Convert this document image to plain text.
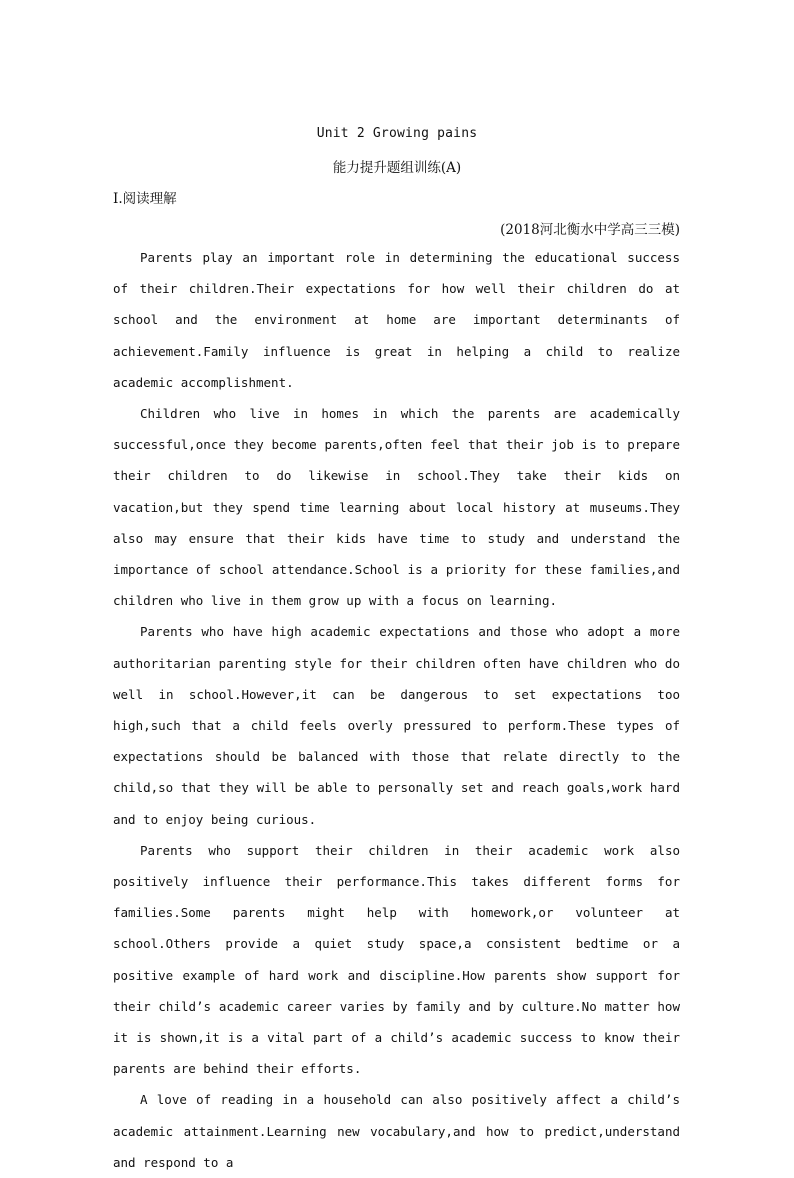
Unit 2 Growing pains
能力提升题组训练(A)
Ⅰ.阅读理解
(2018河北衡水中学高三三模)

Parents play an important role in determining the educational success of their children.Their expectations for how well their children do at school and the environment at home are important determinants of achievement.Family influence is great in helping a child to realize academic accomplishment.

Children who live in homes in which the parents are academically successful,once they become parents,often feel that their job is to prepare their children to do likewise in school.They take their kids on vacation,but they spend time learning about local history at museums.They also may ensure that their kids have time to study and understand the importance of school attendance.School is a priority for these families,and children who live in them grow up with a focus on learning.

Parents who have high academic expectations and those who adopt a more authoritarian parenting style for their children often have children who do well in school.However,it can be dangerous to set expectations too high,such that a child feels overly pressured to perform.These types of expectations should be balanced with those that relate directly to the child,so that they will be able to personally set and reach goals,work hard and to enjoy being curious.

Parents who support their children in their academic work also positively influence their performance.This takes different forms for families.Some parents might help with homework,or volunteer at school.Others provide a quiet study space,a consistent bedtime or a positive example of hard work and discipline.How parents show support for their child’s academic career varies by family and by culture.No matter how it is shown,it is a vital part of a child’s academic success to know their parents are behind their efforts.

A love of reading in a household can also positively affect a child’s academic attainment.Learning new vocabulary,and how to predict,understand and respond to a
